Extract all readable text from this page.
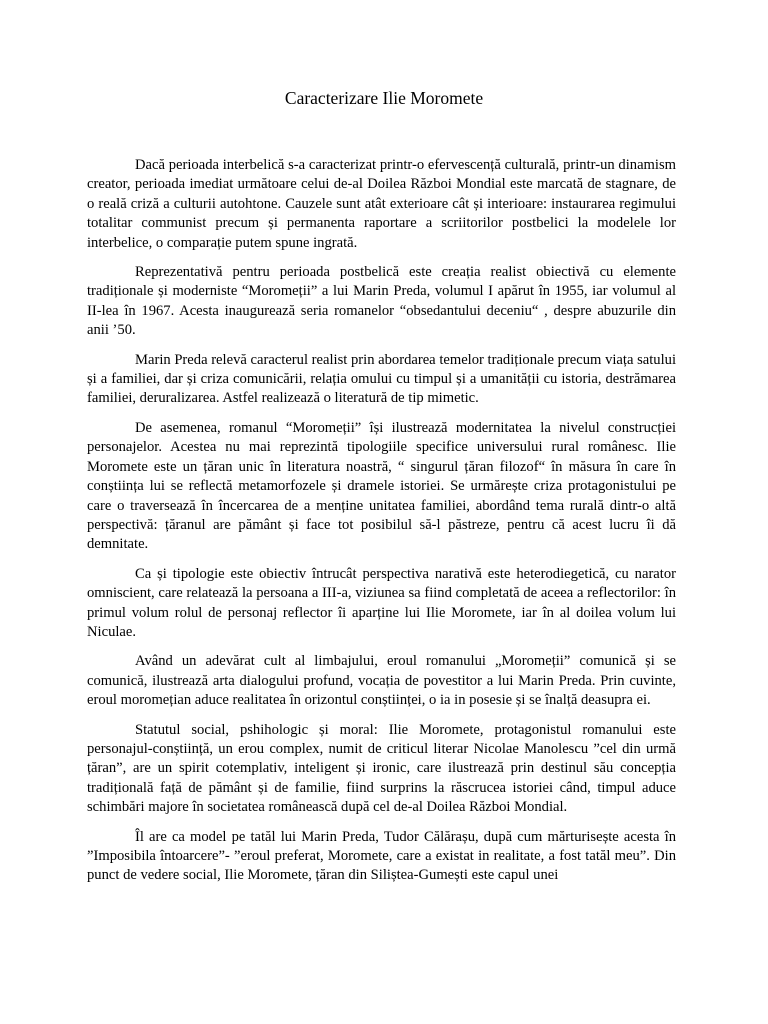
Caracterizare Ilie Moromete

Dacă perioada interbelică s-a caracterizat printr-o efervescență culturală, printr-un dinamism creator, perioada imediat următoare celui de-al Doilea Război Mondial este marcată de stagnare, de o reală criză a culturii autohtone. Cauzele sunt atât exterioare cât și interioare: instaurarea regimului totalitar communist precum și permanenta raportare a scriitorilor postbelici la modelele lor interbelice, o comparație putem spune ingrată.

Reprezentativă pentru perioada postbelică este creația realist obiectivă cu elemente tradiționale și moderniste “Moromeții” a lui Marin Preda, volumul I apărut în 1955, iar volumul al II-lea în 1967. Acesta inaugurează seria romanelor “obsedantului deceniu“ , despre abuzurile din anii ’50.

Marin Preda relevă caracterul realist prin abordarea temelor tradiționale precum viața satului și a familiei, dar și criza comunicării, relația omului cu timpul și a umanității cu istoria, destrămarea familiei, deruralizarea. Astfel realizează o literatură de tip mimetic.

De asemenea, romanul “Moromeții” își ilustrează modernitatea la nivelul construcției personajelor. Acestea nu mai reprezintă tipologiile specifice universului rural românesc. Ilie Moromete este un țăran unic în literatura noastră, “ singurul țăran filozof“ în măsura în care în conștiința lui se reflectă metamorfozele și dramele istoriei. Se urmărește criza protagonistului pe care o traversează în încercarea de a menține unitatea familiei, abordând tema rurală dintr-o altă perspectivă: țăranul are pământ și face tot posibilul să-l păstreze, pentru că acest lucru îi dă demnitate.

Ca și tipologie este obiectiv întrucât perspectiva narativă este heterodiegetică, cu narator omniscient, care relatează la persoana a III-a, viziunea sa fiind completată de aceea a reflectorilor: în primul volum rolul de personaj reflector îi aparține lui Ilie Moromete, iar în al doilea volum lui Niculae.

Având un adevărat cult al limbajului, eroul romanului „Moromeții” comunică și se comunică, ilustrează arta dialogului profund, vocația de povestitor a lui Marin Preda. Prin cuvinte, eroul moromețian aduce realitatea în orizontul conștiinței, o ia in posesie și se înalță deasupra ei.

Statutul social, pshihologic și moral: Ilie Moromete, protagonistul romanului este personajul-conștiință, un erou complex, numit de criticul literar Nicolae Manolescu ”cel din urmă țăran”, are un spirit cotemplativ, inteligent și ironic, care ilustrează prin destinul său concepția tradițională față de pământ și de familie, fiind surprins la răscrucea istoriei când, timpul aduce schimbări majore în societatea românească după cel de-al Doilea Război Mondial.

Îl are ca model pe tatăl lui Marin Preda, Tudor Călărașu, după cum mărturisește acesta în ”Imposibila întoarcere”- ”eroul preferat, Moromete, care a existat in realitate, a fost tatăl meu”. Din punct de vedere social, Ilie Moromete, țăran din Siliștea-Gumești este capul unei
